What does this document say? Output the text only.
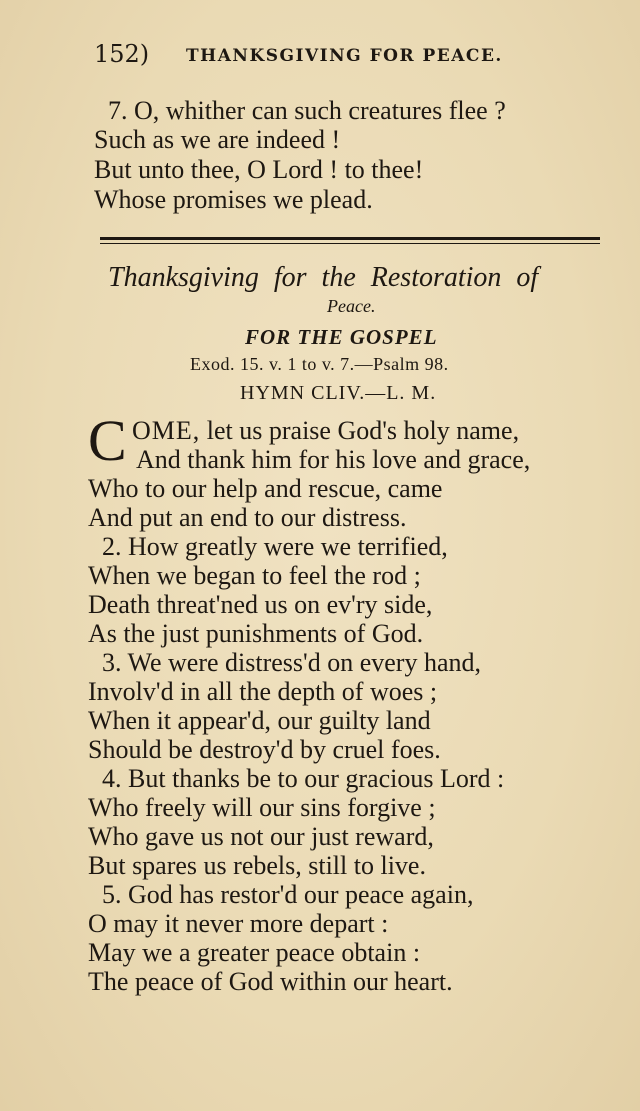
152) THANKSGIVING FOR PEACE.
7. O, whither can such creatures flee ?
Such as we are indeed !
But unto thee, O Lord ! to thee!
Whose promises we plead.
Thanksgiving for the Restoration of
Peace.
FOR THE GOSPEL
Exod. 15. v. 1 to v. 7.—Psalm 98.
HYMN CLIV.—L. M.
C OME, let us praise God's holy name,
And thank him for his love and grace,
Who to our help and rescue, came
And put an end to our distress.
2. How greatly were we terrified,
When we began to feel the rod ;
Death threat'ned us on ev'ry side,
As the just punishments of God.
3. We were distress'd on every hand,
Involv'd in all the depth of woes ;
When it appear'd, our guilty land
Should be destroy'd by cruel foes.
4. But thanks be to our gracious Lord :
Who freely will our sins forgive ;
Who gave us not our just reward,
But spares us rebels, still to live.
5. God has restor'd our peace again,
O may it never more depart :
May we a greater peace obtain :
The peace of God within our heart.
